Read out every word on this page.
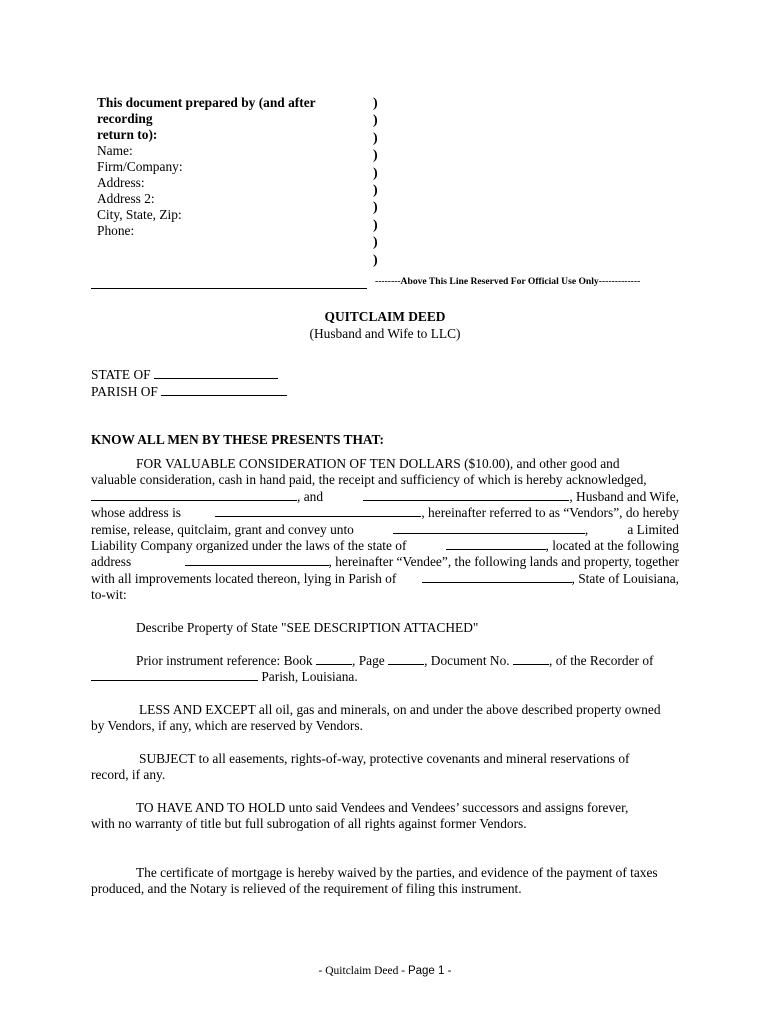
This document prepared by (and after recording
return to):
Name:
Firm/Company:
Address:
Address 2:
City, State, Zip:
Phone:
)
)
)
)
)
)
)
)
)
)
--------Above This Line Reserved For Official Use Only-------------
QUITCLAIM DEED
(Husband and Wife to LLC)
STATE OF
PARISH OF
KNOW ALL MEN BY THESE PRESENTS THAT:
FOR VALUABLE CONSIDERATION OF TEN DOLLARS ($10.00), and other good and
valuable consideration, cash in hand paid, the receipt and sufficiency of which is hereby acknowledged,
, and	, Husband and Wife,
whose address is	, hereinafter referred to as “Vendors”, do hereby
remise, release, quitclaim, grant and convey unto	,	a Limited
Liability Company organized under the laws of the state of	, located at the following
address	, hereinafter “Vendee”, the following lands and property, together
with all improvements located thereon, lying in Parish of	, State of Louisiana,
to-wit:
Describe Property of State "SEE DESCRIPTION ATTACHED"
Prior instrument reference: Book	, Page	, Document No.	, of the Recorder of
Parish, Louisiana.
LESS AND EXCEPT all oil, gas and minerals, on and under the above described property owned
by Vendors, if any, which are reserved by Vendors.
SUBJECT to all easements, rights-of-way, protective covenants and mineral reservations of
record, if any.
TO HAVE AND TO HOLD unto said Vendees and Vendees’ successors and assigns forever,
with no warranty of title but full subrogation of all rights against former Vendors.
The certificate of mortgage is hereby waived by the parties, and evidence of the payment of taxes
produced, and the Notary is relieved of the requirement of filing this instrument.
- Quitclaim Deed - Page 1 -
